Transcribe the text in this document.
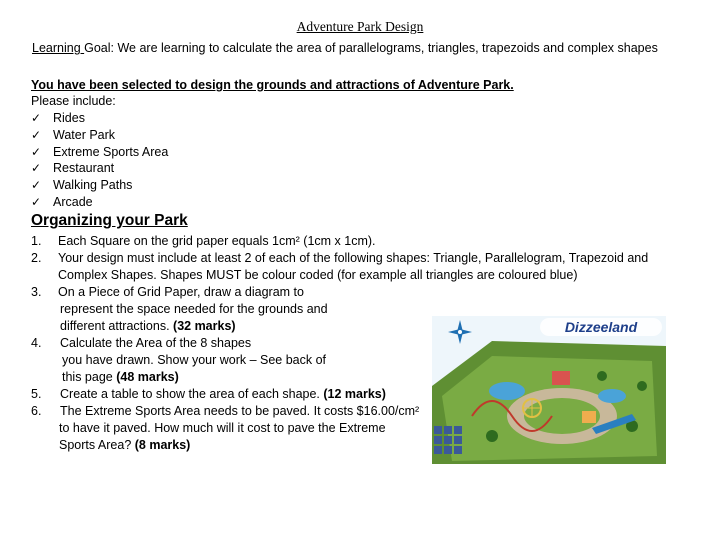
Adventure Park Design
Learning Goal: We are learning to calculate the area of parallelograms, triangles, trapezoids and complex shapes
You have been selected to design the grounds and attractions of Adventure Park.
Please include:
✓ Rides
✓ Water Park
✓ Extreme Sports Area
✓ Restaurant
✓ Walking Paths
✓ Arcade
Organizing your Park
1. Each Square on the grid paper equals 1cm² (1cm x 1cm).
2. Your design must include at least 2 of each of the following shapes: Triangle, Parallelogram, Trapezoid and
Complex Shapes. Shapes MUST be colour coded (for example all triangles are coloured blue)
3. On a Piece of Grid Paper, draw a diagram to
represent the space needed for the grounds and
different attractions. (32 marks)
4. Calculate the Area of the 8 shapes
you have drawn. Show your work – See back of
this page (48 marks)
5. Create a table to show the area of each shape. (12 marks)
6. The Extreme Sports Area needs to be paved. It costs $16.00/cm²
to have it paved. How much will it cost to pave the Extreme
Sports Area? (8 marks)
Dizzeeland
